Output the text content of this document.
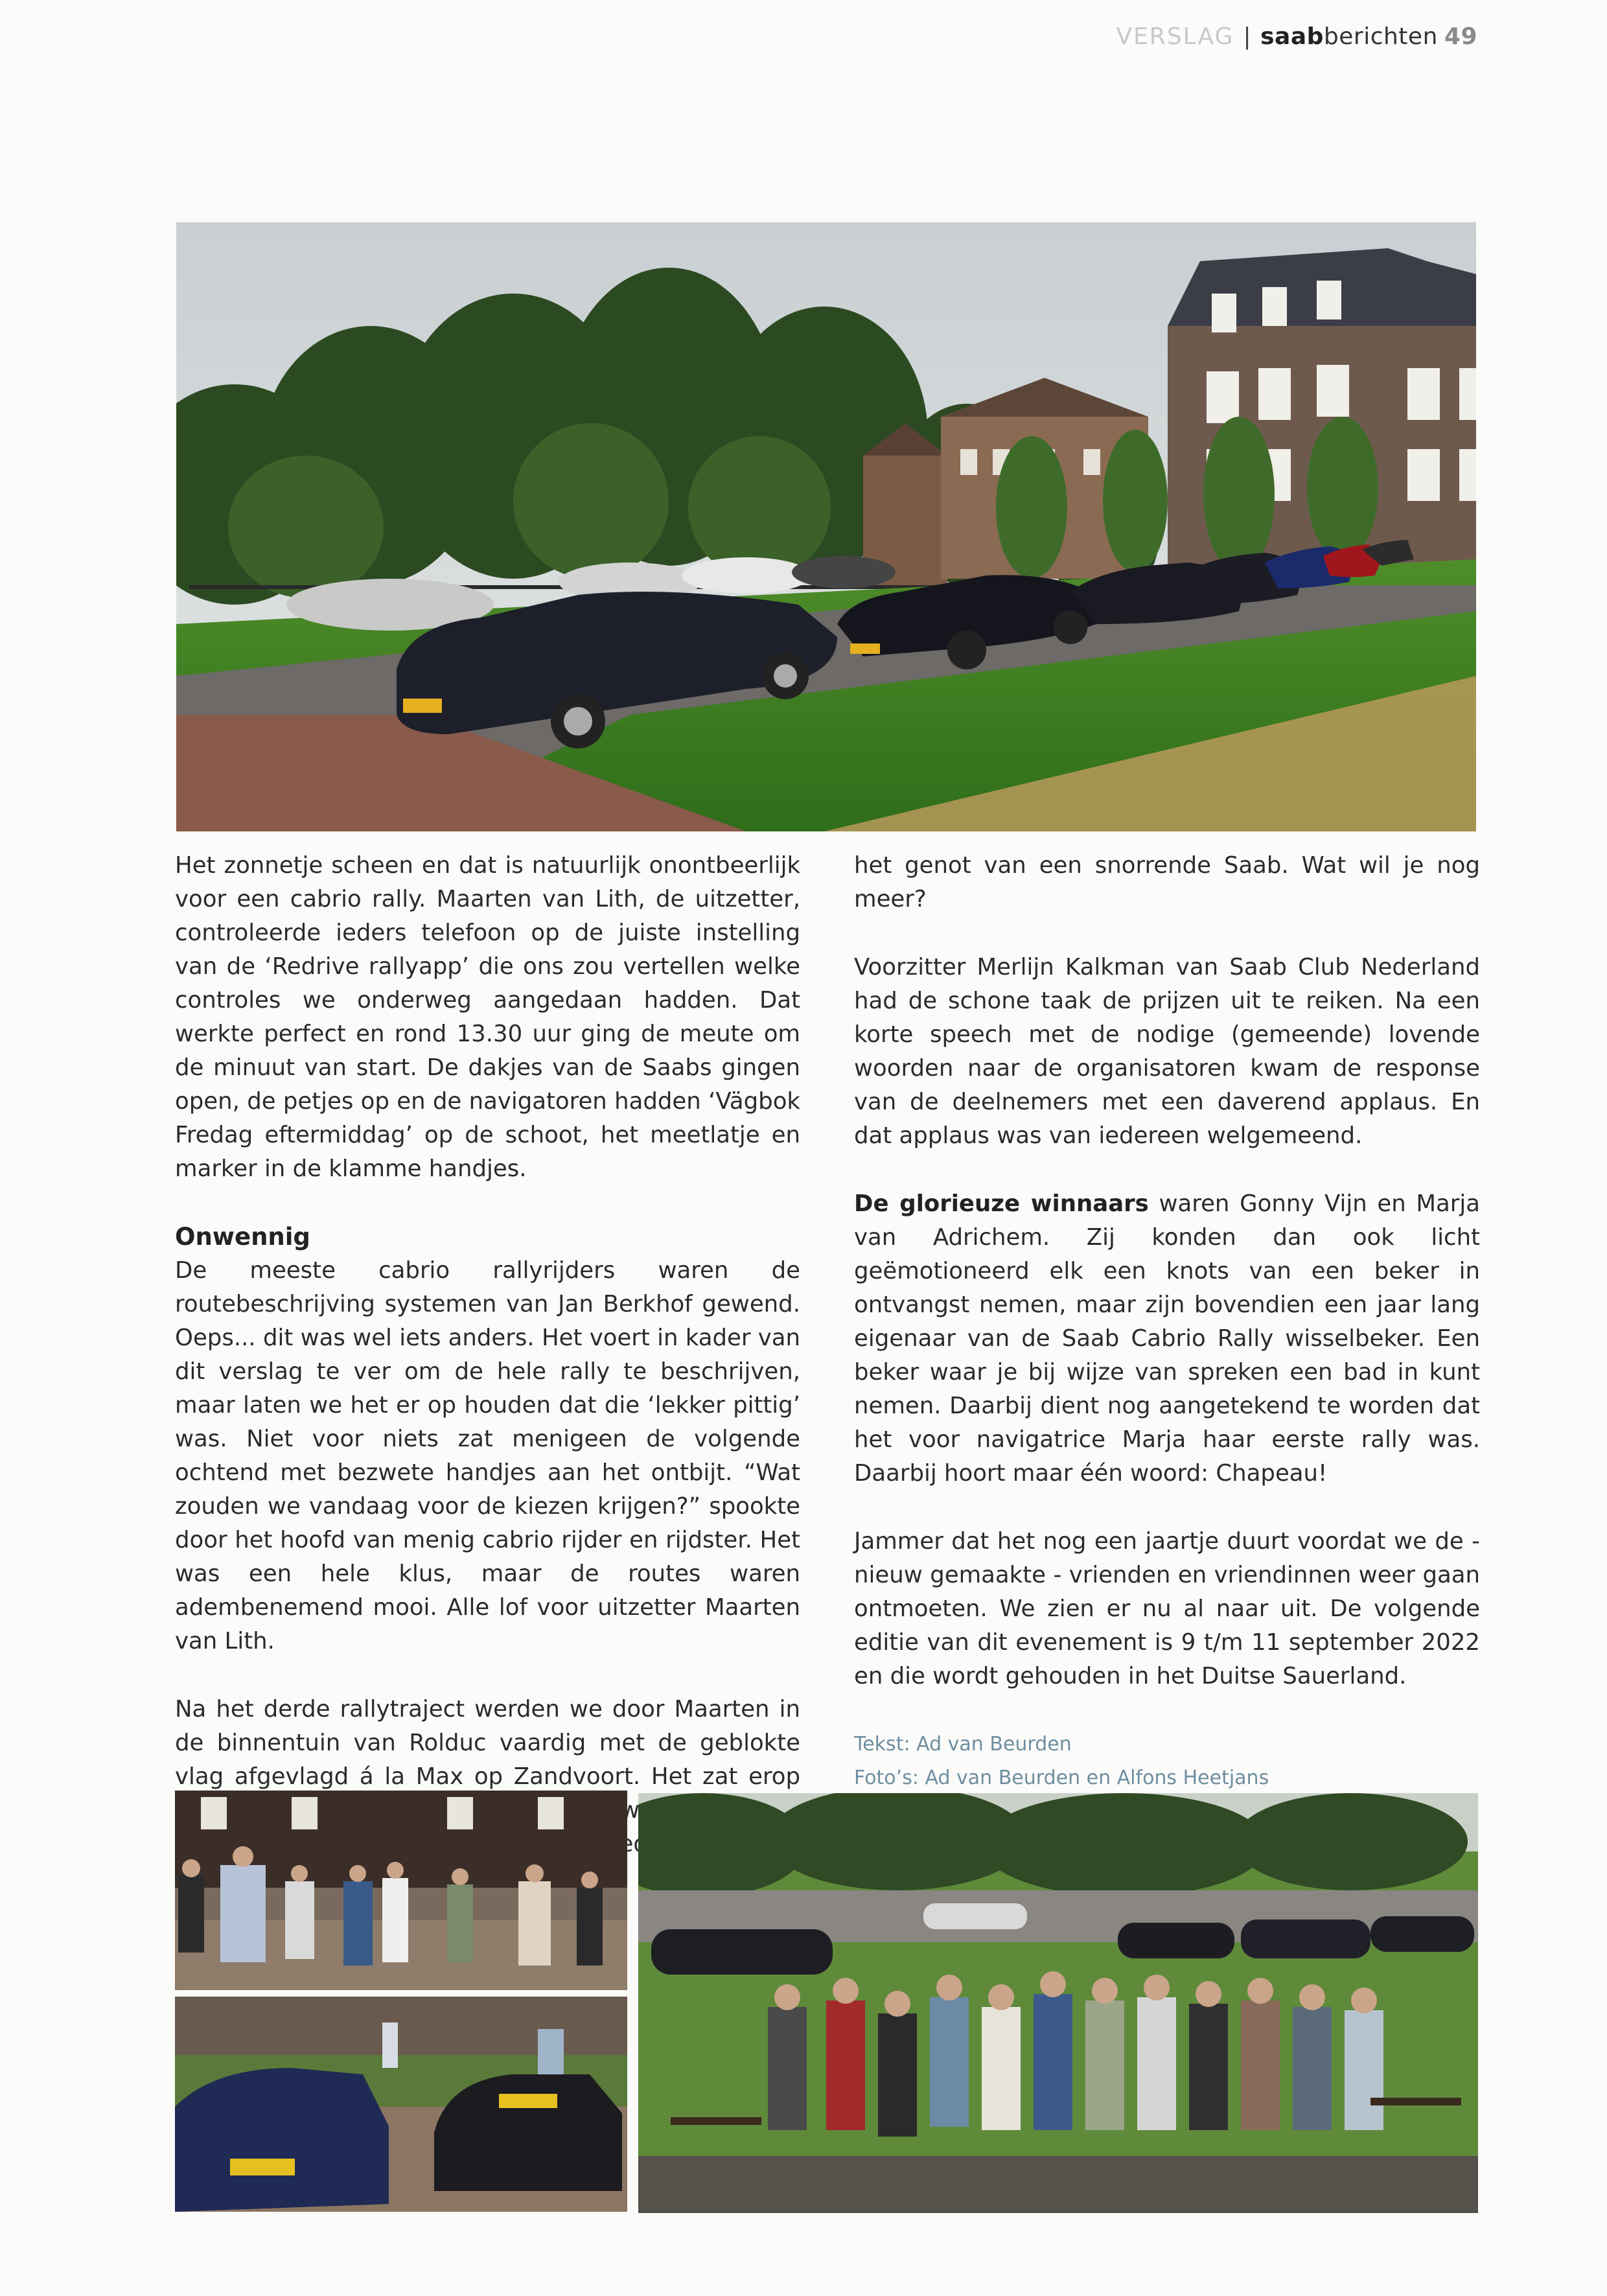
VERSLAG | saabberichten 49

Het zonnetje scheen en dat is natuurlijk onontbeerlijk voor een cabrio rally. Maarten van Lith, de uitzetter, controleerde ieders telefoon op de juiste instelling van de ‘Redrive rallyapp’ die ons zou vertellen welke controles we onderweg aangedaan hadden. Dat werkte perfect en rond 13.30 uur ging de meute om de minuut van start. De dakjes van de Saabs gingen open, de petjes op en de navigatoren hadden ‘Vägbok Fredag eftermiddag’ op de schoot, het meetlatje en marker in de klamme handjes.

Onwennig

De meeste cabrio rallyrijders waren de routebeschrijving systemen van Jan Berkhof gewend. Oeps... dit was wel iets anders. Het voert in kader van dit verslag te ver om de hele rally te beschrijven, maar laten we het er op houden dat die ‘lekker pittig’ was. Niet voor niets zat menigeen de volgende ochtend met bezwete handjes aan het ontbijt. “Wat zouden we vandaag voor de kiezen krijgen?” spookte door het hoofd van menig cabrio rijder en rijdster. Het was een hele klus, maar de routes waren adembenemend mooi. Alle lof voor uitzetter Maarten van Lith.

Na het derde rallytraject werden we door Maarten in de binnentuin van Rolduc vaardig met de geblokte vlag afgevlagd á la Max op Zandvoort. Het zat erop gereden,

het genot van een snorrende Saab. Wat wil je nog meer?

Voorzitter Merlijn Kalkman van Saab Club Nederland had de schone taak de prijzen uit te reiken. Na een korte speech met de nodige (gemeende) lovende woorden naar de organisatoren kwam de response van de deelnemers met een daverend applaus. En dat applaus was van iedereen welgemeend.

De glorieuze winnaars waren Gonny Vijn en Marja van Adrichem. Zij konden dan ook licht geëmotioneerd elk een knots van een beker in ontvangst nemen, maar zijn bovendien een jaar lang eigenaar van de Saab Cabrio Rally wisselbeker. Een beker waar je bij wijze van spreken een bad in kunt nemen. Daarbij dient nog aangetekend te worden dat het voor navigatrice Marja haar eerste rally was. Daarbij hoort maar één woord: Chapeau!

Jammer dat het nog een jaartje duurt voordat we de - nieuw gemaakte - vrienden en vriendinnen weer gaan ontmoeten. We zien er nu al naar uit. De volgende editie van dit evenement is 9 t/m 11 september 2022 en die wordt gehouden in het Duitse Sauerland.

Tekst: Ad van Beurden
Foto’s: Ad van Beurden en Alfons Heetjans
